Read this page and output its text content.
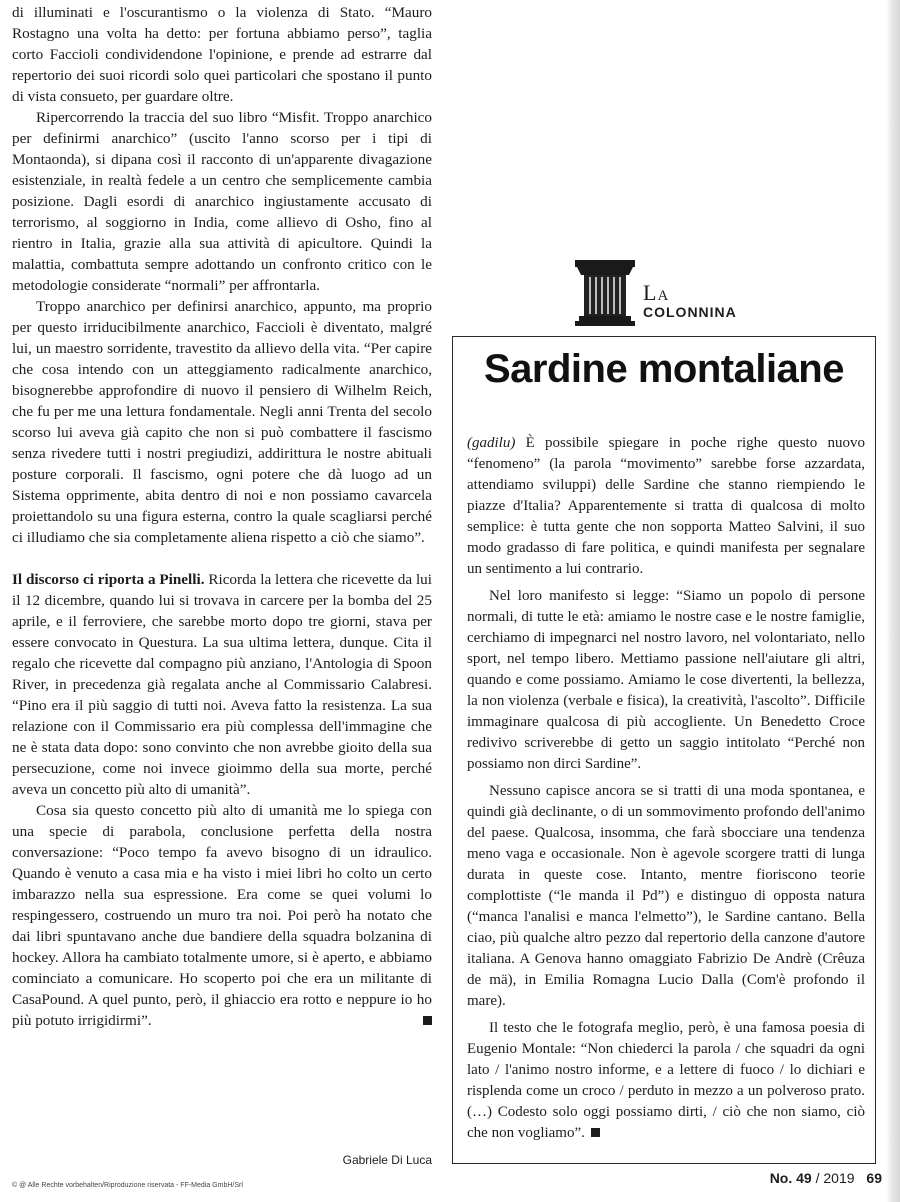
di illuminati e l'oscurantismo o la violenza di Stato. “Mauro Rostagno una volta ha detto: per fortuna abbiamo perso”, taglia corto Faccioli condividendone l'opinione, e prende ad estrarre dal repertorio dei suoi ricordi solo quei particolari che spostano il punto di vista consueto, per guardare oltre.

Ripercorrendo la traccia del suo libro “Misfit. Troppo anarchico per definirmi anarchico” (uscito l'anno scorso per i tipi di Montaonda), si dipana così il racconto di un'apparente divagazione esistenziale, in realtà fedele a un centro che semplicemente cambia posizione. Dagli esordi di anarchico ingiustamente accusato di terrorismo, al soggiorno in India, come allievo di Osho, fino al rientro in Italia, grazie alla sua attività di apicultore. Quindi la malattia, combattuta sempre adottando un confronto critico con le metodologie considerate “normali” per affrontarla.

Troppo anarchico per definirsi anarchico, appunto, ma proprio per questo irriducibilmente anarchico, Faccioli è diventato, malgré lui, un maestro sorridente, travestito da allievo della vita. “Per capire che cosa intendo con un atteggiamento radicalmente anarchico, bisognerebbe approfondire di nuovo il pensiero di Wilhelm Reich, che fu per me una lettura fondamentale. Negli anni Trenta del secolo scorso lui aveva già capito che non si può combattere il fascismo senza rivedere tutti i nostri pregiudizi, addirittura le nostre abituali posture corporali. Il fascismo, ogni potere che dà luogo ad un Sistema opprimente, abita dentro di noi e non possiamo cavarcela proiettandolo su una figura esterna, contro la quale scagliarsi perché ci illudiamo che sia completamente aliena rispetto a ciò che siamo”.

Il discorso ci riporta a Pinelli. Ricorda la lettera che ricevette da lui il 12 dicembre, quando lui si trovava in carcere per la bomba del 25 aprile, e il ferroviere, che sarebbe morto dopo tre giorni, stava per essere convocato in Questura. La sua ultima lettera, dunque. Cita il regalo che ricevette dal compagno più anziano, l'Antologia di Spoon River, in precedenza già regalata anche al Commissario Calabresi. “Pino era il più saggio di tutti noi. Aveva fatto la resistenza. La sua relazione con il Commissario era più complessa dell'immagine che ne è stata data dopo: sono convinto che non avrebbe gioito della sua persecuzione, come noi invece gioimmo della sua morte, perché aveva un concetto più alto di umanità”.

Cosa sia questo concetto più alto di umanità me lo spiega con una specie di parabola, conclusione perfetta della nostra conversazione: “Poco tempo fa avevo bisogno di un idraulico. Quando è venuto a casa mia e ha visto i miei libri ho colto un certo imbarazzo nella sua espressione. Era come se quei volumi lo respingessero, costruendo un muro tra noi. Poi però ha notato che dai libri spuntavano anche due bandiere della squadra bolzanina di hockey. Allora ha cambiato totalmente umore, si è aperto, e abbiamo cominciato a comunicare. Ho scoperto poi che era un militante di CasaPound. A quel punto, però, il ghiaccio era rotto e neppure io ho più potuto irrigidirmi”.

Gabriele Di Luca
La
COLONNINA
Sardine montaliane

(gadilu) È possibile spiegare in poche righe questo nuovo “fenomeno” (la parola “movimento” sarebbe forse azzardata, attendiamo sviluppi) delle Sardine che stanno riempiendo le piazze d'Italia? Apparentemente si tratta di qualcosa di molto semplice: è tutta gente che non sopporta Matteo Salvini, il suo modo gradasso di fare politica, e quindi manifesta per segnalare un sentimento a lui contrario.

Nel loro manifesto si legge: “Siamo un popolo di persone normali, di tutte le età: amiamo le nostre case e le nostre famiglie, cerchiamo di impegnarci nel nostro lavoro, nel volontariato, nello sport, nel tempo libero. Mettiamo passione nell'aiutare gli altri, quando e come possiamo. Amiamo le cose divertenti, la bellezza, la non violenza (verbale e fisica), la creatività, l'ascolto”. Difficile immaginare qualcosa di più accogliente. Un Benedetto Croce redivivo scriverebbe di getto un saggio intitolato “Perché non possiamo non dirci Sardine”.

Nessuno capisce ancora se si tratti di una moda spontanea, e quindi già declinante, o di un sommovimento profondo dell'animo del paese. Qualcosa, insomma, che farà sbocciare una tendenza meno vaga e occasionale. Non è agevole scorgere tratti di lunga durata in queste cose. Intanto, mentre fioriscono teorie complottiste (“le manda il Pd”) e distinguo di opposta natura (“manca l'analisi e manca l'elmetto”), le Sardine cantano. Bella ciao, più qualche altro pezzo dal repertorio della canzone d'autore italiana. A Genova hanno omaggiato Fabrizio De Andrè (Crêuza de mä), in Emilia Romagna Lucio Dalla (Com'è profondo il mare).

Il testo che le fotografa meglio, però, è una famosa poesia di Eugenio Montale: “Non chiederci la parola / che squadri da ogni lato / l'animo nostro informe, e a lettere di fuoco / lo dichiari e risplenda come un croco / perduto in mezzo a un polveroso prato. (…) Codesto solo oggi possiamo dirti, / ciò che non siamo, ciò che non vogliamo”.

© @ Alle Rechte vorbehalten/Riproduzione riservata - FF-Media GmbH/Srl	No. 49 / 2019 69
